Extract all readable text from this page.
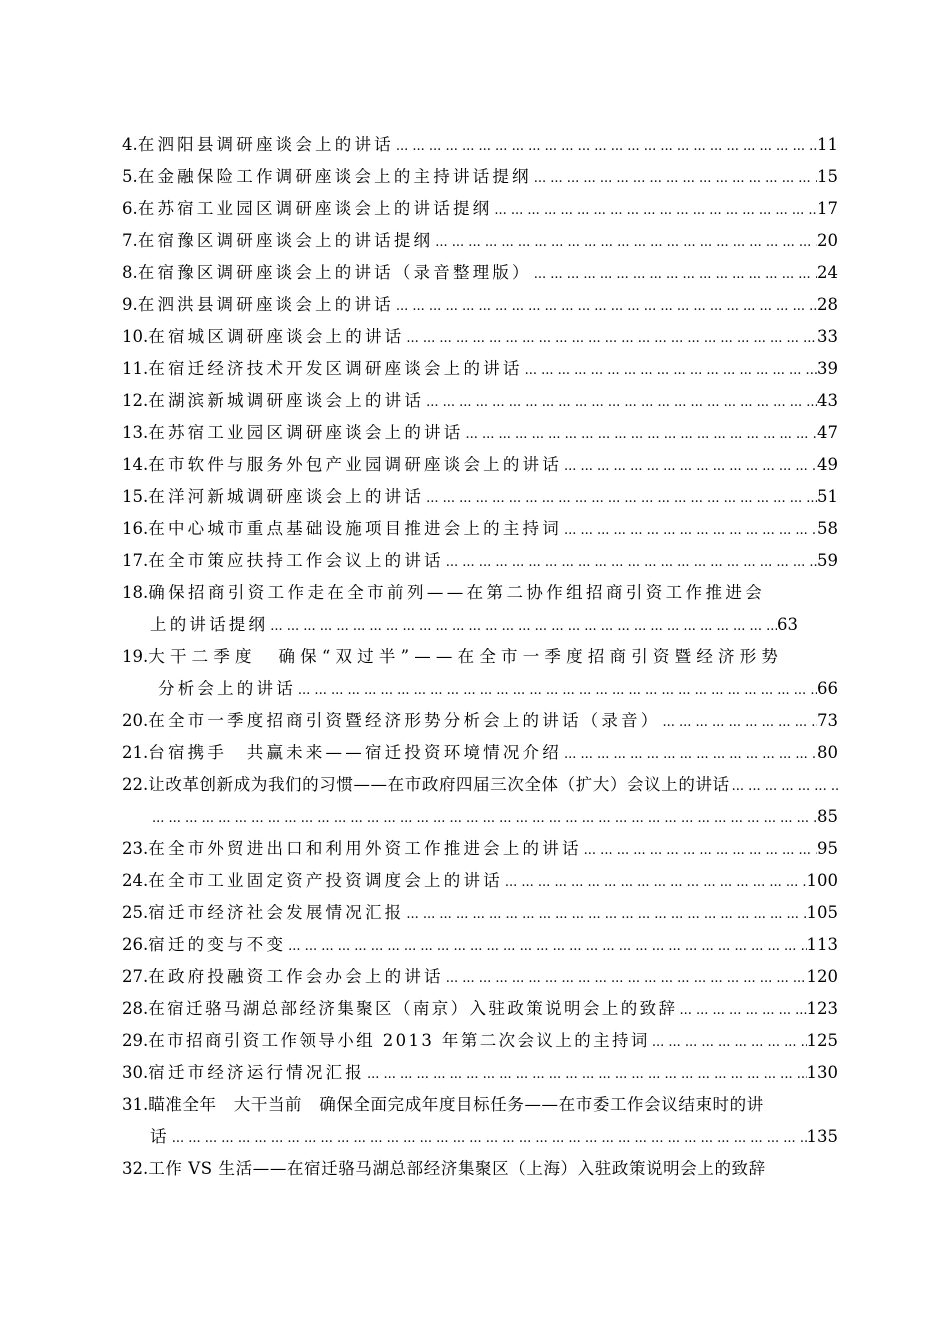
4. 在泗阳县调研座谈会上的讲话 ... .	11
5. 在金融保险工作调研座谈会上的主持讲话提纲 ... .	15
6. 在苏宿工业园区调研座谈会上的讲话提纲 ... .	17
7. 在宿豫区调研座谈会上的讲话提纲 ... .	20
8. 在宿豫区调研座谈会上的讲话（录音整理版） ... .	24
9. 在泗洪县调研座谈会上的讲话 ... .	28
10. 在宿城区调研座谈会上的讲话 ... .	33
11. 在宿迁经济技术开发区调研座谈会上的讲话 ... .	39
12. 在湖滨新城调研座谈会上的讲话 ... .	43
13. 在苏宿工业园区调研座谈会上的讲话 ... .	47
14. 在市软件与服务外包产业园调研座谈会上的讲话 ... .	49
15. 在洋河新城调研座谈会上的讲话 ... .	51
16. 在中心城市重点基础设施项目推进会上的主持词 ... .	58
17. 在全市策应扶持工作会议上的讲话 ... .	59
18. 确保招商引资工作走在全市前列——在第二协作组招商引资工作推进会
上的讲话提纲 ... .	63
19. 大干二季度　确保“双过半”——在全市一季度招商引资暨经济形势
分析会上的讲话 ... .	66
20. 在全市一季度招商引资暨经济形势分析会上的讲话（录音） ... .	73
21. 台宿携手　共赢未来——宿迁投资环境情况介绍 ... .	80
22. 让改革创新成为我们的习惯——在市政府四届三次全体（扩大）会议上的讲话
... .
... .
85
23. 在全市外贸进出口和利用外资工作推进会上的讲话 ... .	95
24. 在全市工业固定资产投资调度会上的讲话 ... .	100
25. 宿迁市经济社会发展情况汇报 ... .	105
26. 宿迁的变与不变 ... .	113
27. 在政府投融资工作会办会上的讲话 ... .	120
28. 在宿迁骆马湖总部经济集聚区（南京）入驻政策说明会上的致辞 ... .	123
29. 在市招商引资工作领导小组 2013 年第二次会议上的主持词 ... .	125
30. 宿迁市经济运行情况汇报 ... .	130
31. 瞄准全年　大干当前　确保全面完成年度目标任务——在市委工作会议结束时的讲
话 ... .	135
32. 工作 VS 生活——在宿迁骆马湖总部经济集聚区（上海）入驻政策说明会上的致辞
